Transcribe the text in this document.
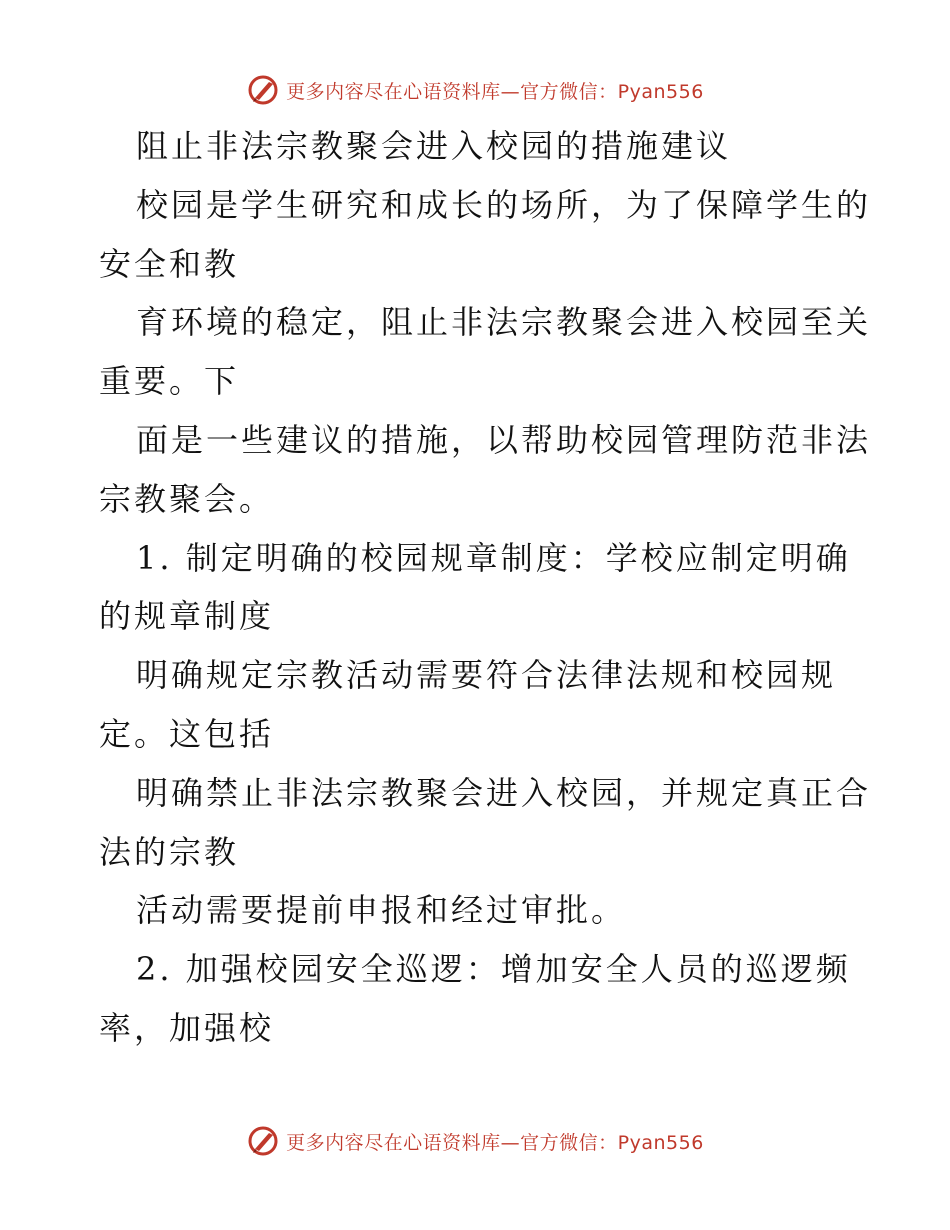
更多内容尽在心语资料库—官方微信：Pyan556
阻止非法宗教聚会进入校园的措施建议
校园是学生研究和成长的场所，为了保障学生的
安全和教
育环境的稳定，阻止非法宗教聚会进入校园至关
重要。下
面是一些建议的措施，以帮助校园管理防范非法
宗教聚会。
1. 制定明确的校园规章制度：学校应制定明确
的规章制度
明确规定宗教活动需要符合法律法规和校园规
定。这包括
明确禁止非法宗教聚会进入校园，并规定真正合
法的宗教
活动需要提前申报和经过审批。
2. 加强校园安全巡逻：增加安全人员的巡逻频
率，加强校
更多内容尽在心语资料库—官方微信：Pyan556
